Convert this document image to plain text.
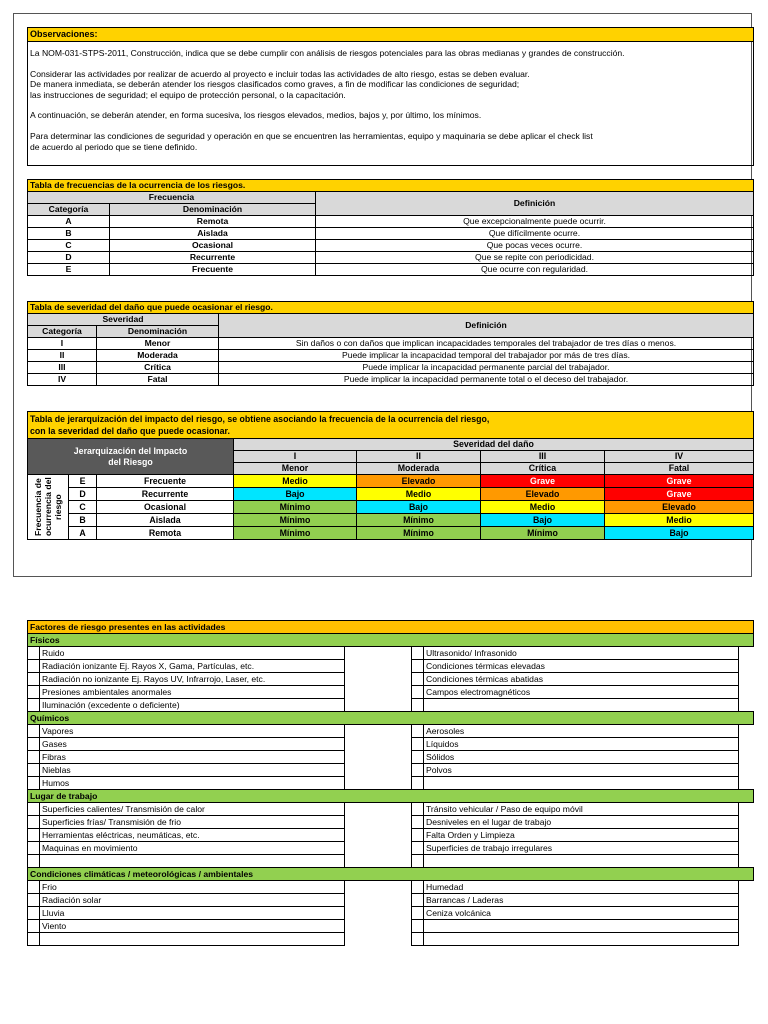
Observaciones:

La NOM-031-STPS-2011, Construcción, indica que se debe cumplir con análisis de riesgos potenciales para las obras medianas y grandes de construcción.

Considerar las actividades por realizar de acuerdo al proyecto e incluir todas las actividades de alto riesgo, estas se deben evaluar.
De manera inmediata, se deberán atender los riesgos clasificados como graves, a fin de modificar las condiciones de seguridad;
las instrucciones de seguridad; el equipo de protección personal, o la capacitación.

A continuación, se deberán atender, en forma sucesiva, los riesgos elevados, medios, bajos y, por último, los mínimos.

Para determinar las condiciones de seguridad y operación en que se encuentren las herramientas, equipo y maquinaria se debe aplicar el check list
de acuerdo al periodo que se tiene definido.

Tabla de frecuencias de la ocurrencia de los riesgos.		
Frecuencia		Definición
Categoría	Denominación	
A	Remota	Que excepcionalmente puede ocurrir.
B	Aislada	Que difícilmente ocurre.
C	Ocasional	Que pocas veces ocurre.
D	Recurrente	Que se repite con periodicidad.
E	Frecuente	Que ocurre con regularidad.
Tabla de severidad del daño que puede ocasionar el riesgo.		
Severidad		Definición
Categoría	Denominación	
I	Menor	Sin daños o con daños que implican incapacidades temporales del trabajador de tres días o menos.
II	Moderada	Puede implicar la incapacidad temporal del trabajador por más de tres días.
III	Crítica	Puede implicar la incapacidad permanente parcial del trabajador.
IV	Fatal	Puede implicar la incapacidad permanente total o el deceso del trabajador.
Tabla de jerarquización del impacto del riesgo, se obtiene asociando la frecuencia de la ocurrencia del riesgo,
con la severidad del daño que puede ocasionar.						
Jerarquización del Impacto del Riesgo			Severidad del daño			
			I	II	III	IV
			Menor	Moderada	Crítica	Fatal

Frecuencia de ocurrencia del riesgo	E	Frecuente	Medio	Elevado	Grave	Grave
	D	Recurrente	Bajo	Medio	Elevado	Grave
	C	Ocasional	Mínimo	Bajo	Medio	Elevado
	B	Aislada	Mínimo	Mínimo	Bajo	Medio
	A	Remota	Mínimo	Mínimo	Mínimo	Bajo
Factores de riesgo presentes en las actividades					
Físicos					
	Ruido			Ultrasonido/ Infrasonido	
	Radiación ionizante Ej. Rayos X, Gama, Partículas, etc.			Condiciones térmicas elevadas	
	Radiación no ionizante Ej. Rayos UV, Infrarrojo, Laser, etc.			Condiciones térmicas abatidas	
	Presiones ambientales anormales			Campos electromagnéticos	
	Iluminación (excedente o deficiente)				
Químicos					
	Vapores			Aerosoles	
	Gases			Líquidos	
	Fibras			Sólidos	
	Nieblas			Polvos	
	Humos				
Lugar de trabajo					
	Superficies calientes/ Transmisión de calor			Tránsito vehicular / Paso de equipo móvil	
	Superficies frías/ Transmisión de frio			Desniveles en el lugar de trabajo	
	Herramientas eléctricas, neumáticas, etc.			Falta Orden y Limpieza	
	Maquinas en movimiento			Superficies de trabajo irregulares	

Condiciones climáticas / meteorológicas / ambientales					
	Frio			Humedad	
	Radiación solar			Barrancas / Laderas	
	Lluvia			Ceniza volcánica	
	Viento				
